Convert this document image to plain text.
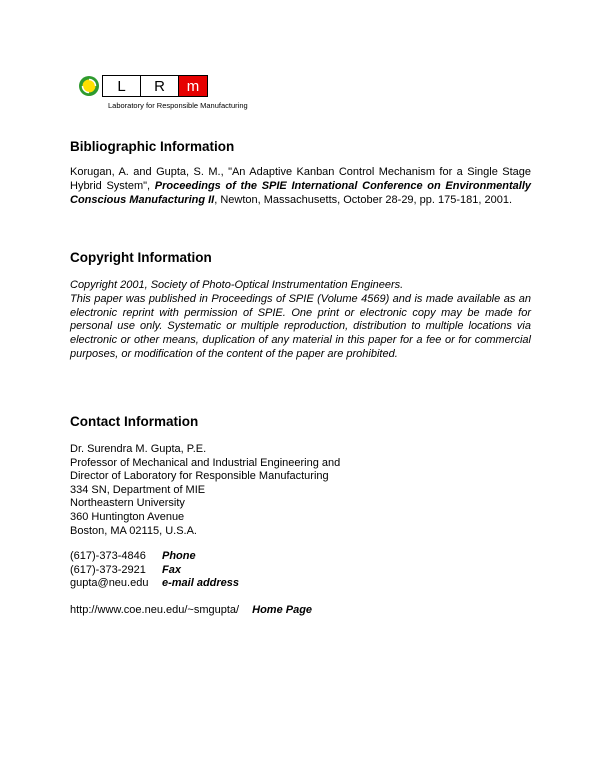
L	R	m
Laboratory for Responsible Manufacturing
Bibliographic Information

Korugan, A. and Gupta, S. M., "An Adaptive Kanban Control Mechanism for a Single Stage Hybrid System", Proceedings of the SPIE International Conference on Environmentally Conscious Manufacturing II, Newton, Massachusetts, October 28-29, pp. 175-181, 2001.

Copyright Information

Copyright 2001, Society of Photo-Optical Instrumentation Engineers.
This paper was published in Proceedings of SPIE (Volume 4569) and is made available as an electronic reprint with permission of SPIE. One print or electronic copy may be made for personal use only. Systematic or multiple reproduction, distribution to multiple locations via electronic or other means, duplication of any material in this paper for a fee or for commercial purposes, or modification of the content of the paper are prohibited.

Contact Information
Dr. Surendra M. Gupta, P.E.
Professor of Mechanical and Industrial Engineering and
Director of Laboratory for Responsible Manufacturing
334 SN, Department of MIE
Northeastern University
360 Huntington Avenue
Boston, MA 02115, U.S.A.
(617)-373-4846	Phone
(617)-373-2921	Fax
gupta@neu.edu	e-mail address
http://www.coe.neu.edu/~smgupta/ Home Page
